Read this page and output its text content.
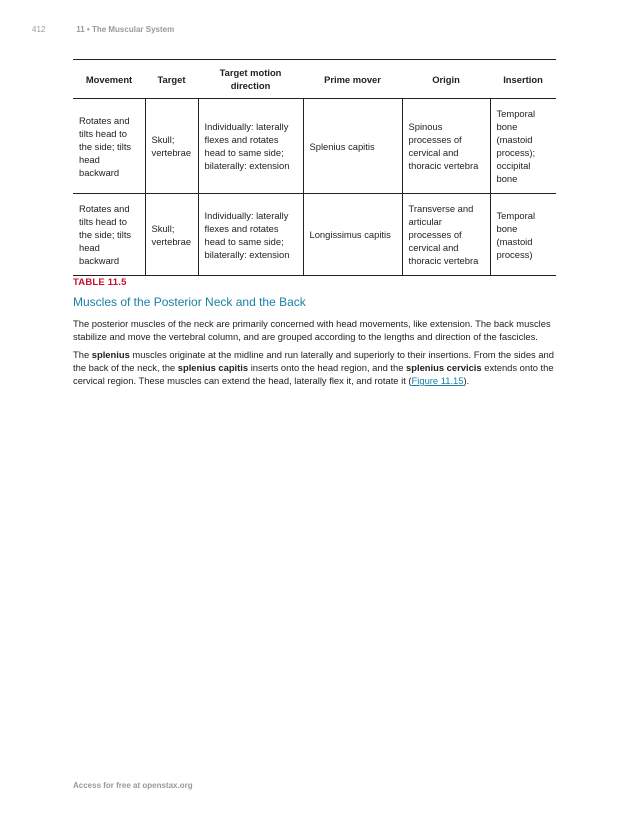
412	11 • The Muscular System
Movement	Target	Target motion direction	Prime mover	Origin	Insertion
Rotates and tilts head to the side; tilts head backward	Skull; vertebrae	Individually: laterally flexes and rotates head to same side; bilaterally: extension	Splenius capitis	Spinous processes of cervical and thoracic vertebra	Temporal bone (mastoid process); occipital bone
Rotates and tilts head to the side; tilts head backward	Skull; vertebrae	Individually: laterally flexes and rotates head to same side; bilaterally: extension	Longissimus capitis	Transverse and articular processes of cervical and thoracic vertebra	Temporal bone (mastoid process)
TABLE 11.5
Muscles of the Posterior Neck and the Back

The posterior muscles of the neck are primarily concerned with head movements, like extension. The back muscles stabilize and move the vertebral column, and are grouped according to the lengths and direction of the fascicles.

The splenius muscles originate at the midline and run laterally and superiorly to their insertions. From the sides and the back of the neck, the splenius capitis inserts onto the head region, and the splenius cervicis extends onto the cervical region. These muscles can extend the head, laterally flex it, and rotate it (Figure 11.15).

Access for free at openstax.org
